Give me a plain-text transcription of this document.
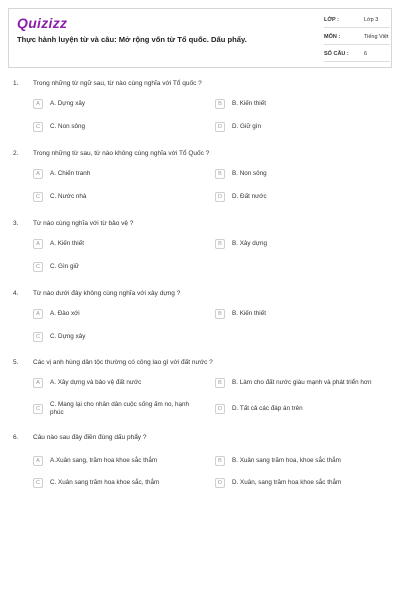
Quizizz
Thực hành luyện từ và câu: Mở rộng vốn từ Tổ quốc. Dấu phẩy.
LỚP :	Lớp 3
MÔN :	Tiếng Việt
SỐ CÂU :	6
1. Trong những từ ngữ sau, từ nào cùng nghĩa với Tổ quốc ?
A	A. Dựng xây	B	B. Kiến thiết
C	C. Non sông	D	D. Giữ gìn
2. Trong những từ sau, từ nào không cùng nghĩa với Tổ Quốc ?
A	A. Chiến tranh	B	B. Non sông
C	C. Nước nhà	D	D. Đất nước
3. Từ nào cùng nghĩa với từ bảo vệ ?
A	A. Kiến thiết	B	B. Xây dựng
C	C. Gìn giữ
4. Từ nào dưới đây không cùng nghĩa với xây dựng ?
A	A. Đào xới	B	B. Kiến thiết
C	C. Dựng xây
5. Các vị anh hùng dân tộc thường có công lao gì với đất nước ?
A	A. Xây dựng và bảo vệ đất nước	B	B. Làm cho đất nước giàu mạnh và phát triển hơn
C
C. Mang lại cho nhân dân cuộc sống ấm no, hạnh phúc	D	D. Tất cả các đáp án trên
6. Câu nào sau đây điền đúng dấu phẩy ?
A	A.Xuân sang, trăm hoa khoe sắc thắm	B	B. Xuân sang trăm hoa, khoe sắc thắm
C	C. Xuân sang trăm hoa khoe sắc, thắm	D	D. Xuân, sang trăm hoa khoe sắc thắm
